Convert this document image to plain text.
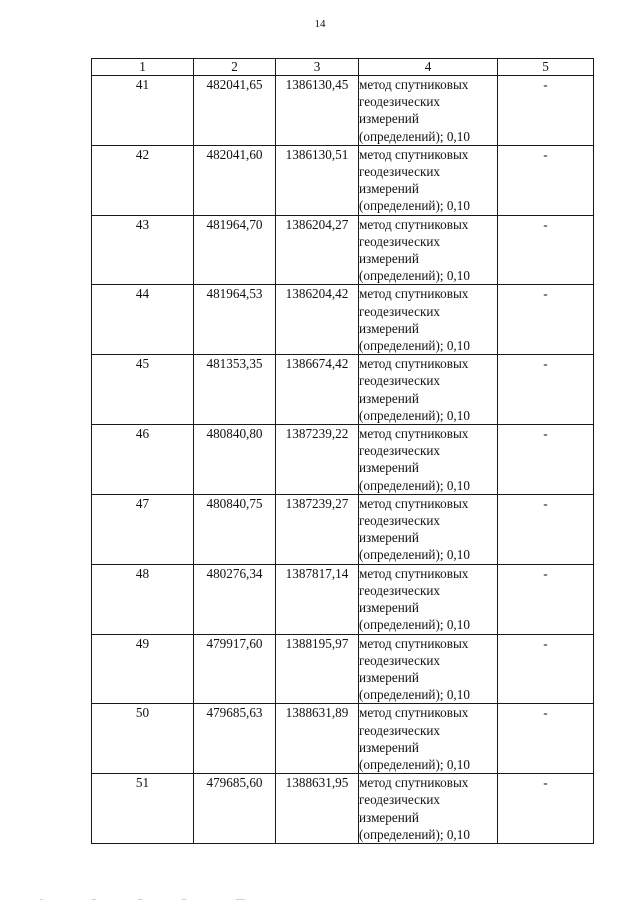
14
1	2	3	4	5
41	482041,65	1386130,45	метод спутниковых
геодезических
измерений
(определений); 0,10	-
42	482041,60	1386130,51	метод спутниковых
геодезических
измерений
(определений); 0,10	-
43	481964,70	1386204,27	метод спутниковых
геодезических
измерений
(определений); 0,10	-
44	481964,53	1386204,42	метод спутниковых
геодезических
измерений
(определений); 0,10	-
45	481353,35	1386674,42	метод спутниковых
геодезических
измерений
(определений); 0,10	-
46	480840,80	1387239,22	метод спутниковых
геодезических
измерений
(определений); 0,10	-
47	480840,75	1387239,27	метод спутниковых
геодезических
измерений
(определений); 0,10	-
48	480276,34	1387817,14	метод спутниковых
геодезических
измерений
(определений); 0,10	-
49	479917,60	1388195,97	метод спутниковых
геодезических
измерений
(определений); 0,10	-
50	479685,63	1388631,89	метод спутниковых
геодезических
измерений
(определений); 0,10	-
51	479685,60	1388631,95	метод спутниковых
геодезических
измерений
(определений); 0,10	-
